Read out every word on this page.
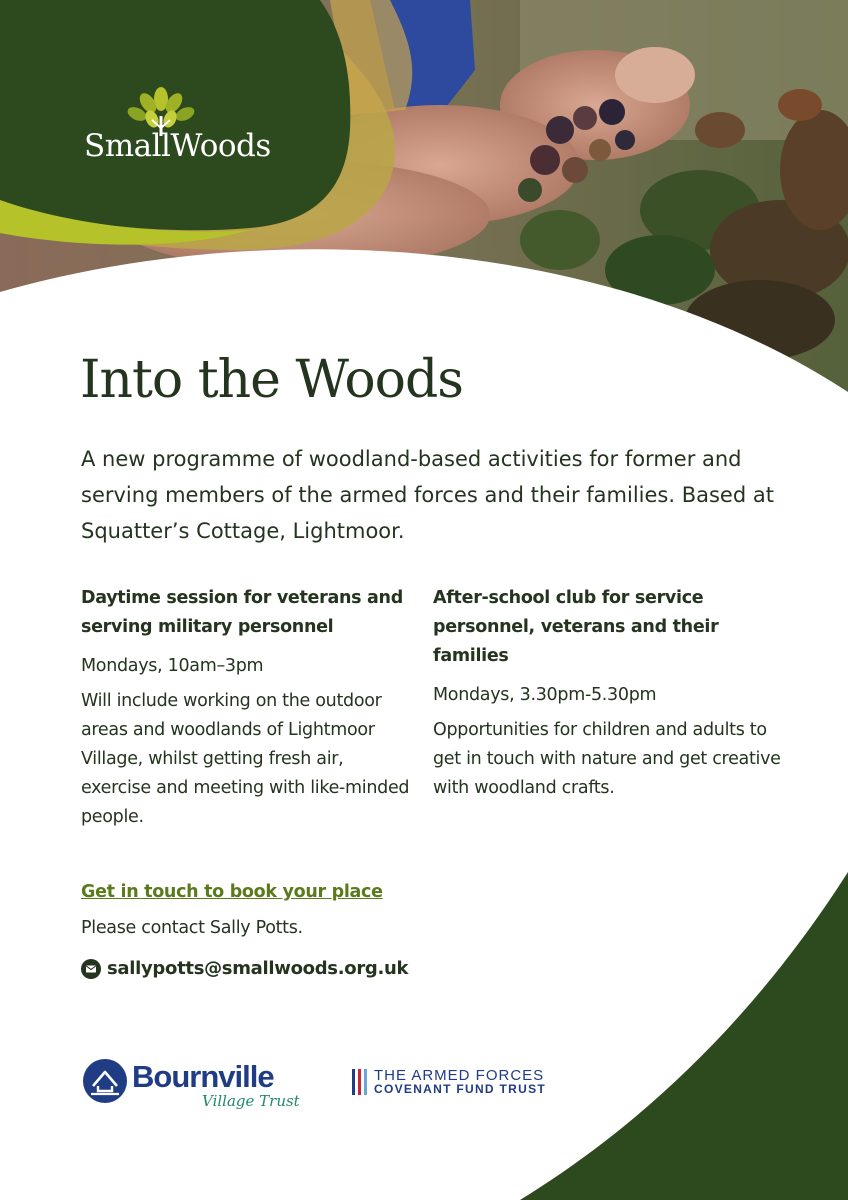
SmallWoods
Into the Woods

A new programme of woodland-based activities for former and serving members of the armed forces and their families. Based at Squatter’s Cottage, Lightmoor.

Daytime session for veterans and serving military personnel

Mondays, 10am–3pm

Will include working on the outdoor areas and woodlands of Lightmoor Village, whilst getting fresh air, exercise and meeting with like-minded people.

After-school club for service personnel, veterans and their families

Mondays, 3.30pm-5.30pm

Opportunities for children and adults to get in touch with nature and get creative with woodland crafts.

Get in touch to book your place

Please contact Sally Potts.

sallypotts@smallwoods.org.uk
Bournville
Village Trust
THE ARMED FORCES
COVENANT FUND TRUST
